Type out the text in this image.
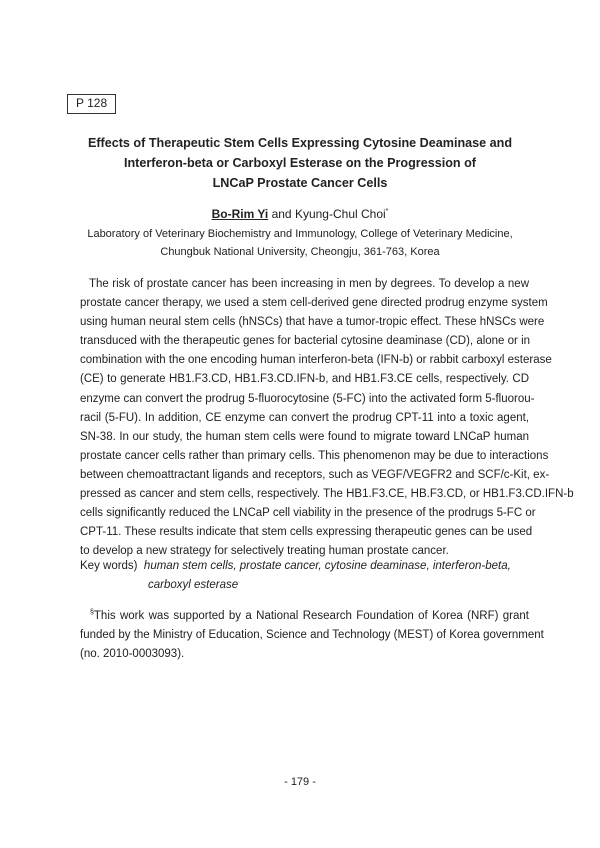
P 128
Effects of Therapeutic Stem Cells Expressing Cytosine Deaminase and
Interferon-beta or Carboxyl Esterase on the Progression of
LNCaP Prostate Cancer Cells
Bo-Rim Yi and Kyung-Chul Choi*
Laboratory of Veterinary Biochemistry and Immunology, College of Veterinary Medicine,
Chungbuk National University, Cheongju, 361-763, Korea
The risk of prostate cancer has been increasing in men by degrees. To develop a new
prostate cancer therapy, we used a stem cell-derived gene directed prodrug enzyme system
using human neural stem cells (hNSCs) that have a tumor-tropic effect. These hNSCs were
transduced with the therapeutic genes for bacterial cytosine deaminase (CD), alone or in
combination with the one encoding human interferon-beta (IFN-b) or rabbit carboxyl esterase
(CE) to generate HB1.F3.CD, HB1.F3.CD.IFN-b, and HB1.F3.CE cells, respectively. CD
enzyme can convert the prodrug 5-fluorocytosine (5-FC) into the activated form 5-fluorou-
racil (5-FU). In addition, CE enzyme can convert the prodrug CPT-11 into a toxic agent,
SN-38. In our study, the human stem cells were found to migrate toward LNCaP human
prostate cancer cells rather than primary cells. This phenomenon may be due to interactions
between chemoattractant ligands and receptors, such as VEGF/VEGFR2 and SCF/c-Kit, ex-
pressed as cancer and stem cells, respectively. The HB1.F3.CE, HB.F3.CD, or HB1.F3.CD.IFN-b
cells significantly reduced the LNCaP cell viability in the presence of the prodrugs 5-FC or
CPT-11. These results indicate that stem cells expressing therapeutic genes can be used
to develop a new strategy for selectively treating human prostate cancer.
Key words) human stem cells, prostate cancer, cytosine deaminase, interferon-beta,
carboxyl esterase
§This work was supported by a National Research Foundation of Korea (NRF) grant
funded by the Ministry of Education, Science and Technology (MEST) of Korea government
(no. 2010-0003093).
- 179 -
